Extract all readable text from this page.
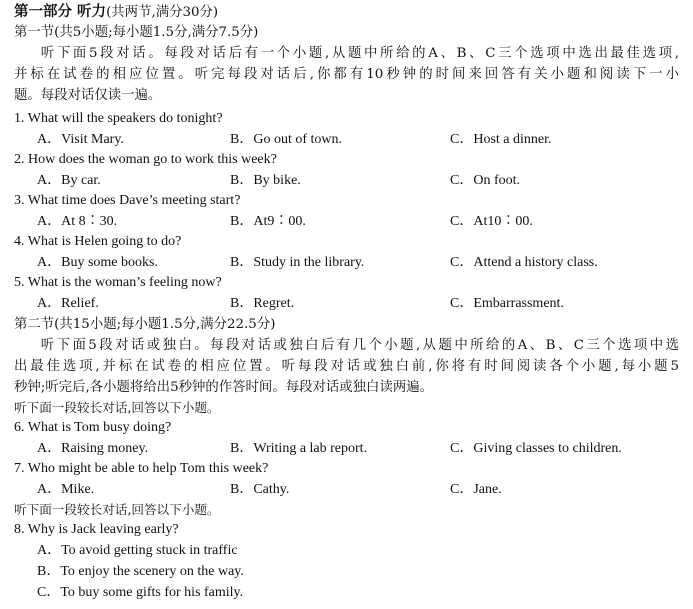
第一部分 听力(共两节,满分30分)
第一节(共5小题;每小题1.5分,满分7.5分)
听下面5段对话。每段对话后有一个小题,从题中所给的A、B、C三个选项中选出最佳选项,
并标在试卷的相应位置。听完每段对话后,你都有10秒钟的时间来回答有关小题和阅读下一小
题。每段对话仅读一遍。
1. What will the speakers do tonight?
A．Visit Mary.	B．Go out of town.	C．Host a dinner.
2. How does the woman go to work this week?
A．By car.	B．By bike.	C．On foot.
3. What time does Dave’s meeting start?
A．At 8∶30.	B．At9∶00.	C．At10∶00.
4. What is Helen going to do?
A．Buy some books.	B．Study in the library.	C．Attend a history class.
5. What is the woman’s feeling now?
A．Relief.	B．Regret.	C．Embarrassment.
第二节(共15小题;每小题1.5分,满分22.5分)
听下面5段对话或独白。每段对话或独白后有几个小题,从题中所给的A、B、C三个选项中选
出最佳选项,并标在试卷的相应位置。听每段对话或独白前,你将有时间阅读各个小题,每小题5
秒钟;听完后,各小题将给出5秒钟的作答时间。每段对话或独白读两遍。
听下面一段较长对话,回答以下小题。
6. What is Tom busy doing?
A．Raising money.	B．Writing a lab report.	C．Giving classes to children.
7. Who might be able to help Tom this week?
A．Mike.	B．Cathy.	C．Jane.
听下面一段较长对话,回答以下小题。
8. Why is Jack leaving early?
A．To avoid getting stuck in traffic
B．To enjoy the scenery on the way.
C．To buy some gifts for his family.
